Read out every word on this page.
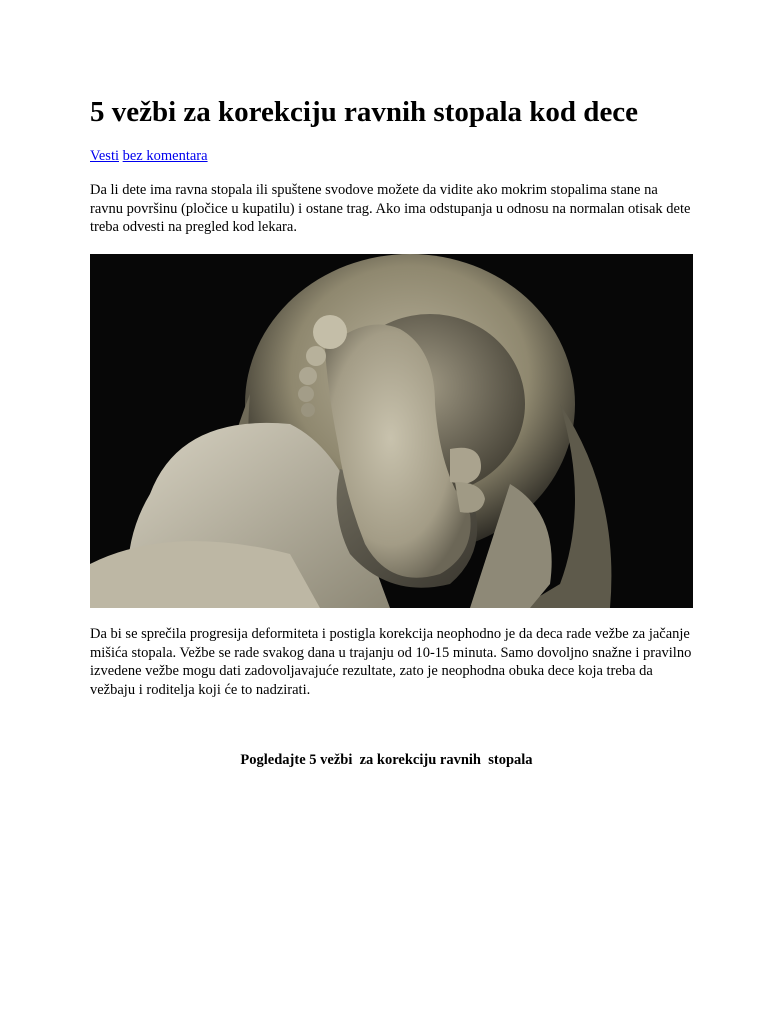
5 vežbi za korekciju ravnih stopala kod dece
Vesti bez komentara

Da li dete ima ravna stopala ili spuštene svodove možete da vidite ako mokrim stopalima stane na ravnu površinu (pločice u kupatilu) i ostane trag. Ako ima odstupanja u odnosu na normalan otisak dete treba odvesti na pregled kod lekara.

Da bi se sprečila progresija deformiteta i postigla korekcija neophodno je da deca rade vežbe za jačanje mišića stopala. Vežbe se rade svakog dana u trajanju od 10-15 minuta. Samo dovoljno snažne i pravilno izvedene vežbe mogu dati zadovoljavajuće rezultate, zato je neophodna obuka dece koja treba da vežbaju i roditelja koji će to nadzirati.

Pogledajte 5 vežbi  za korekciju ravnih  stopala
